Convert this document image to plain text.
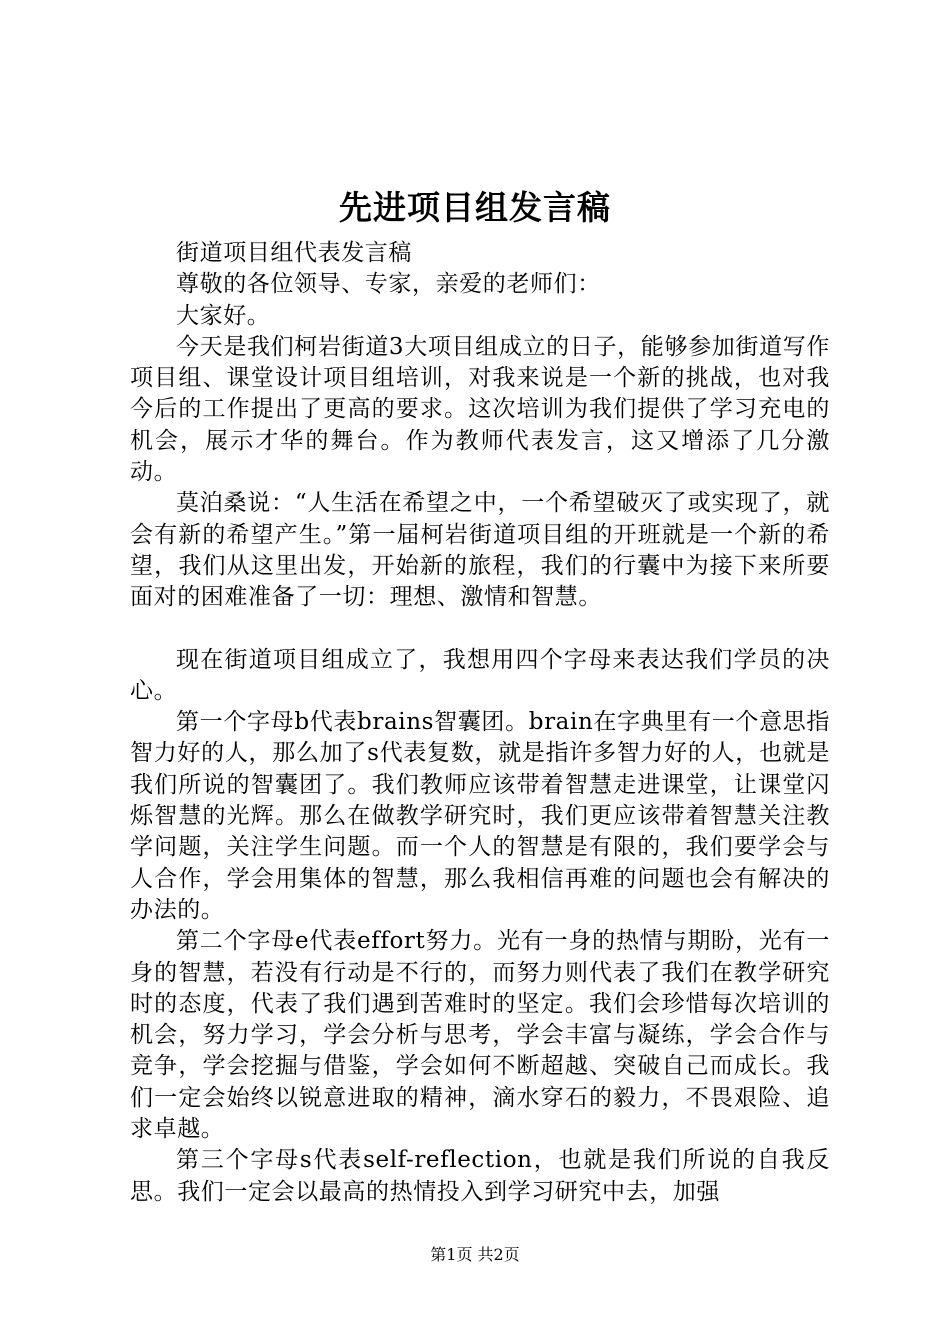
先进项目组发言稿

街道项目组代表发言稿

尊敬的各位领导、专家，亲爱的老师们：

大家好。

今天是我们柯岩街道3大项目组成立的日子，能够参加街道写作项目组、课堂设计项目组培训，对我来说是一个新的挑战，也对我今后的工作提出了更高的要求。这次培训为我们提供了学习充电的机会，展示才华的舞台。作为教师代表发言，这又增添了几分激动。

莫泊桑说：“人生活在希望之中，一个希望破灭了或实现了，就会有新的希望产生。”第一届柯岩街道项目组的开班就是一个新的希望，我们从这里出发，开始新的旅程，我们的行囊中为接下来所要面对的困难准备了一切：理想、激情和智慧。

现在街道项目组成立了，我想用四个字母来表达我们学员的决心。

第一个字母b代表brains智囊团。brain在字典里有一个意思指智力好的人，那么加了s代表复数，就是指许多智力好的人，也就是我们所说的智囊团了。我们教师应该带着智慧走进课堂，让课堂闪烁智慧的光辉。那么在做教学研究时，我们更应该带着智慧关注教学问题，关注学生问题。而一个人的智慧是有限的，我们要学会与人合作，学会用集体的智慧，那么我相信再难的问题也会有解决的办法的。

第二个字母e代表effort努力。光有一身的热情与期盼，光有一身的智慧，若没有行动是不行的，而努力则代表了我们在教学研究时的态度，代表了我们遇到苦难时的坚定。我们会珍惜每次培训的机会，努力学习，学会分析与思考，学会丰富与凝练，学会合作与竞争，学会挖掘与借鉴，学会如何不断超越、突破自己而成长。我们一定会始终以锐意进取的精神，滴水穿石的毅力，不畏艰险、追求卓越。

第三个字母s代表self-reflection，也就是我们所说的自我反思。我们一定会以最高的热情投入到学习研究中去，加强

第1页 共2页
